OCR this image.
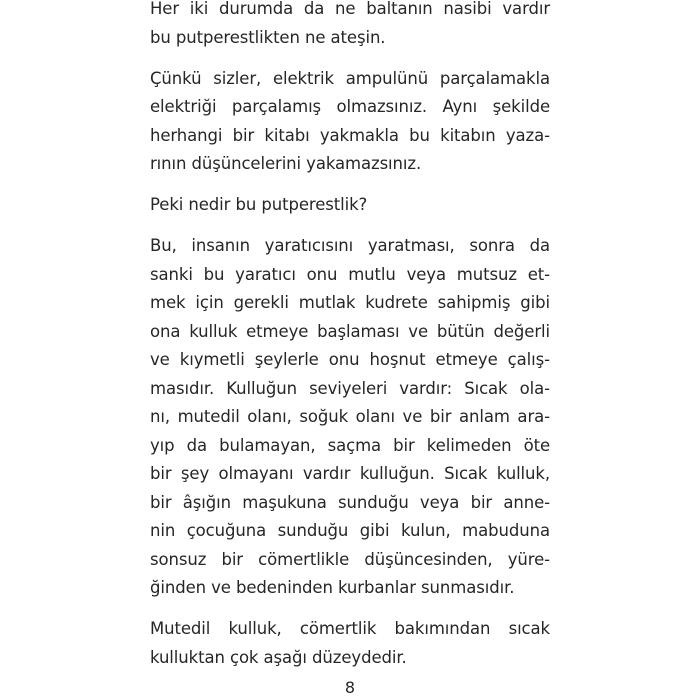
Her iki durumda da ne baltanın nasibi vardır
bu putperestlikten ne ateşin.

Çünkü sizler, elektrik ampulünü parçalamakla
elektriği parçalamış olmazsınız. Aynı şekilde
herhangi bir kitabı yakmakla bu kitabın yaza-
rının düşüncelerini yakamazsınız.

Peki nedir bu putperestlik?

Bu, insanın yaratıcısını yaratması, sonra da
sanki bu yaratıcı onu mutlu veya mutsuz et-
mek için gerekli mutlak kudrete sahipmiş gibi
ona kulluk etmeye başlaması ve bütün değerli
ve kıymetli şeylerle onu hoşnut etmeye çalış-
masıdır. Kulluğun seviyeleri vardır: Sıcak ola-
nı, mutedil olanı, soğuk olanı ve bir anlam ara-
yıp da bulamayan, saçma bir kelimeden öte
bir şey olmayanı vardır kulluğun. Sıcak kulluk,
bir âşığın maşukuna sunduğu veya bir anne-
nin çocuğuna sunduğu gibi kulun, mabuduna
sonsuz bir cömertlikle düşüncesinden, yüre-
ğinden ve bedeninden kurbanlar sunmasıdır.

Mutedil kulluk, cömertlik bakımından sıcak
kulluktan çok aşağı düzeydedir.

8
